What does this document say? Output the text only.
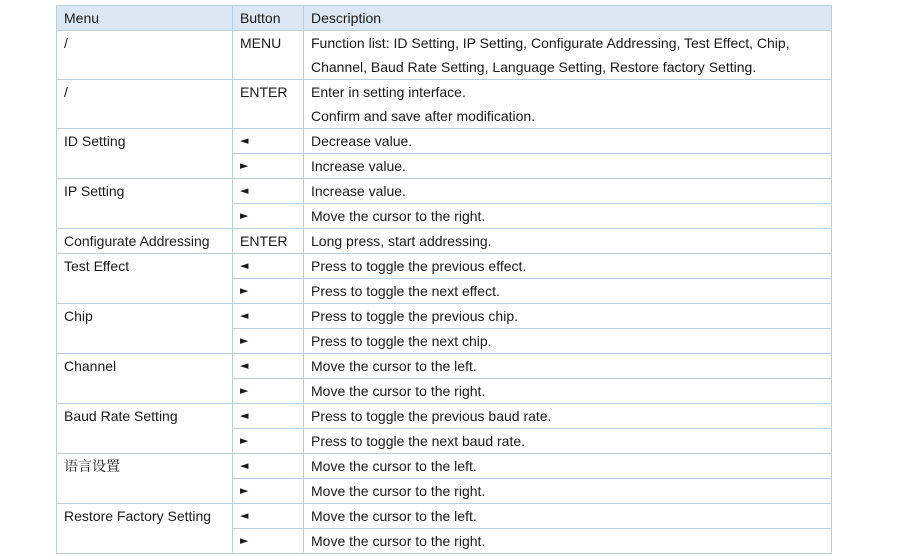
Menu	Button	Description
/	MENU	Function list: ID Setting, IP Setting, Configurate Addressing, Test Effect, Chip,
Channel, Baud Rate Setting, Language Setting, Restore factory Setting.

/	ENTER	Enter in setting interface.
Confirm and save after modification.

ID Setting	◄	Decrease value.

	►	Increase value.

IP Setting	◄	Increase value.

	►	Move the cursor to the right.

Configurate Addressing	ENTER	Long press, start addressing.

Test Effect	◄	Press to toggle the previous effect.

	►	Press to toggle the next effect.

Chip	◄	Press to toggle the previous chip.

	►	Press to toggle the next chip.

Channel	◄	Move the cursor to the left.

	►	Move the cursor to the right.

Baud Rate Setting	◄	Press to toggle the previous baud rate.

	►	Press to toggle the next baud rate.

语言设置	◄	Move the cursor to the left.

	►	Move the cursor to the right.

Restore Factory Setting	◄	Move the cursor to the left.

	►	Move the cursor to the right.
